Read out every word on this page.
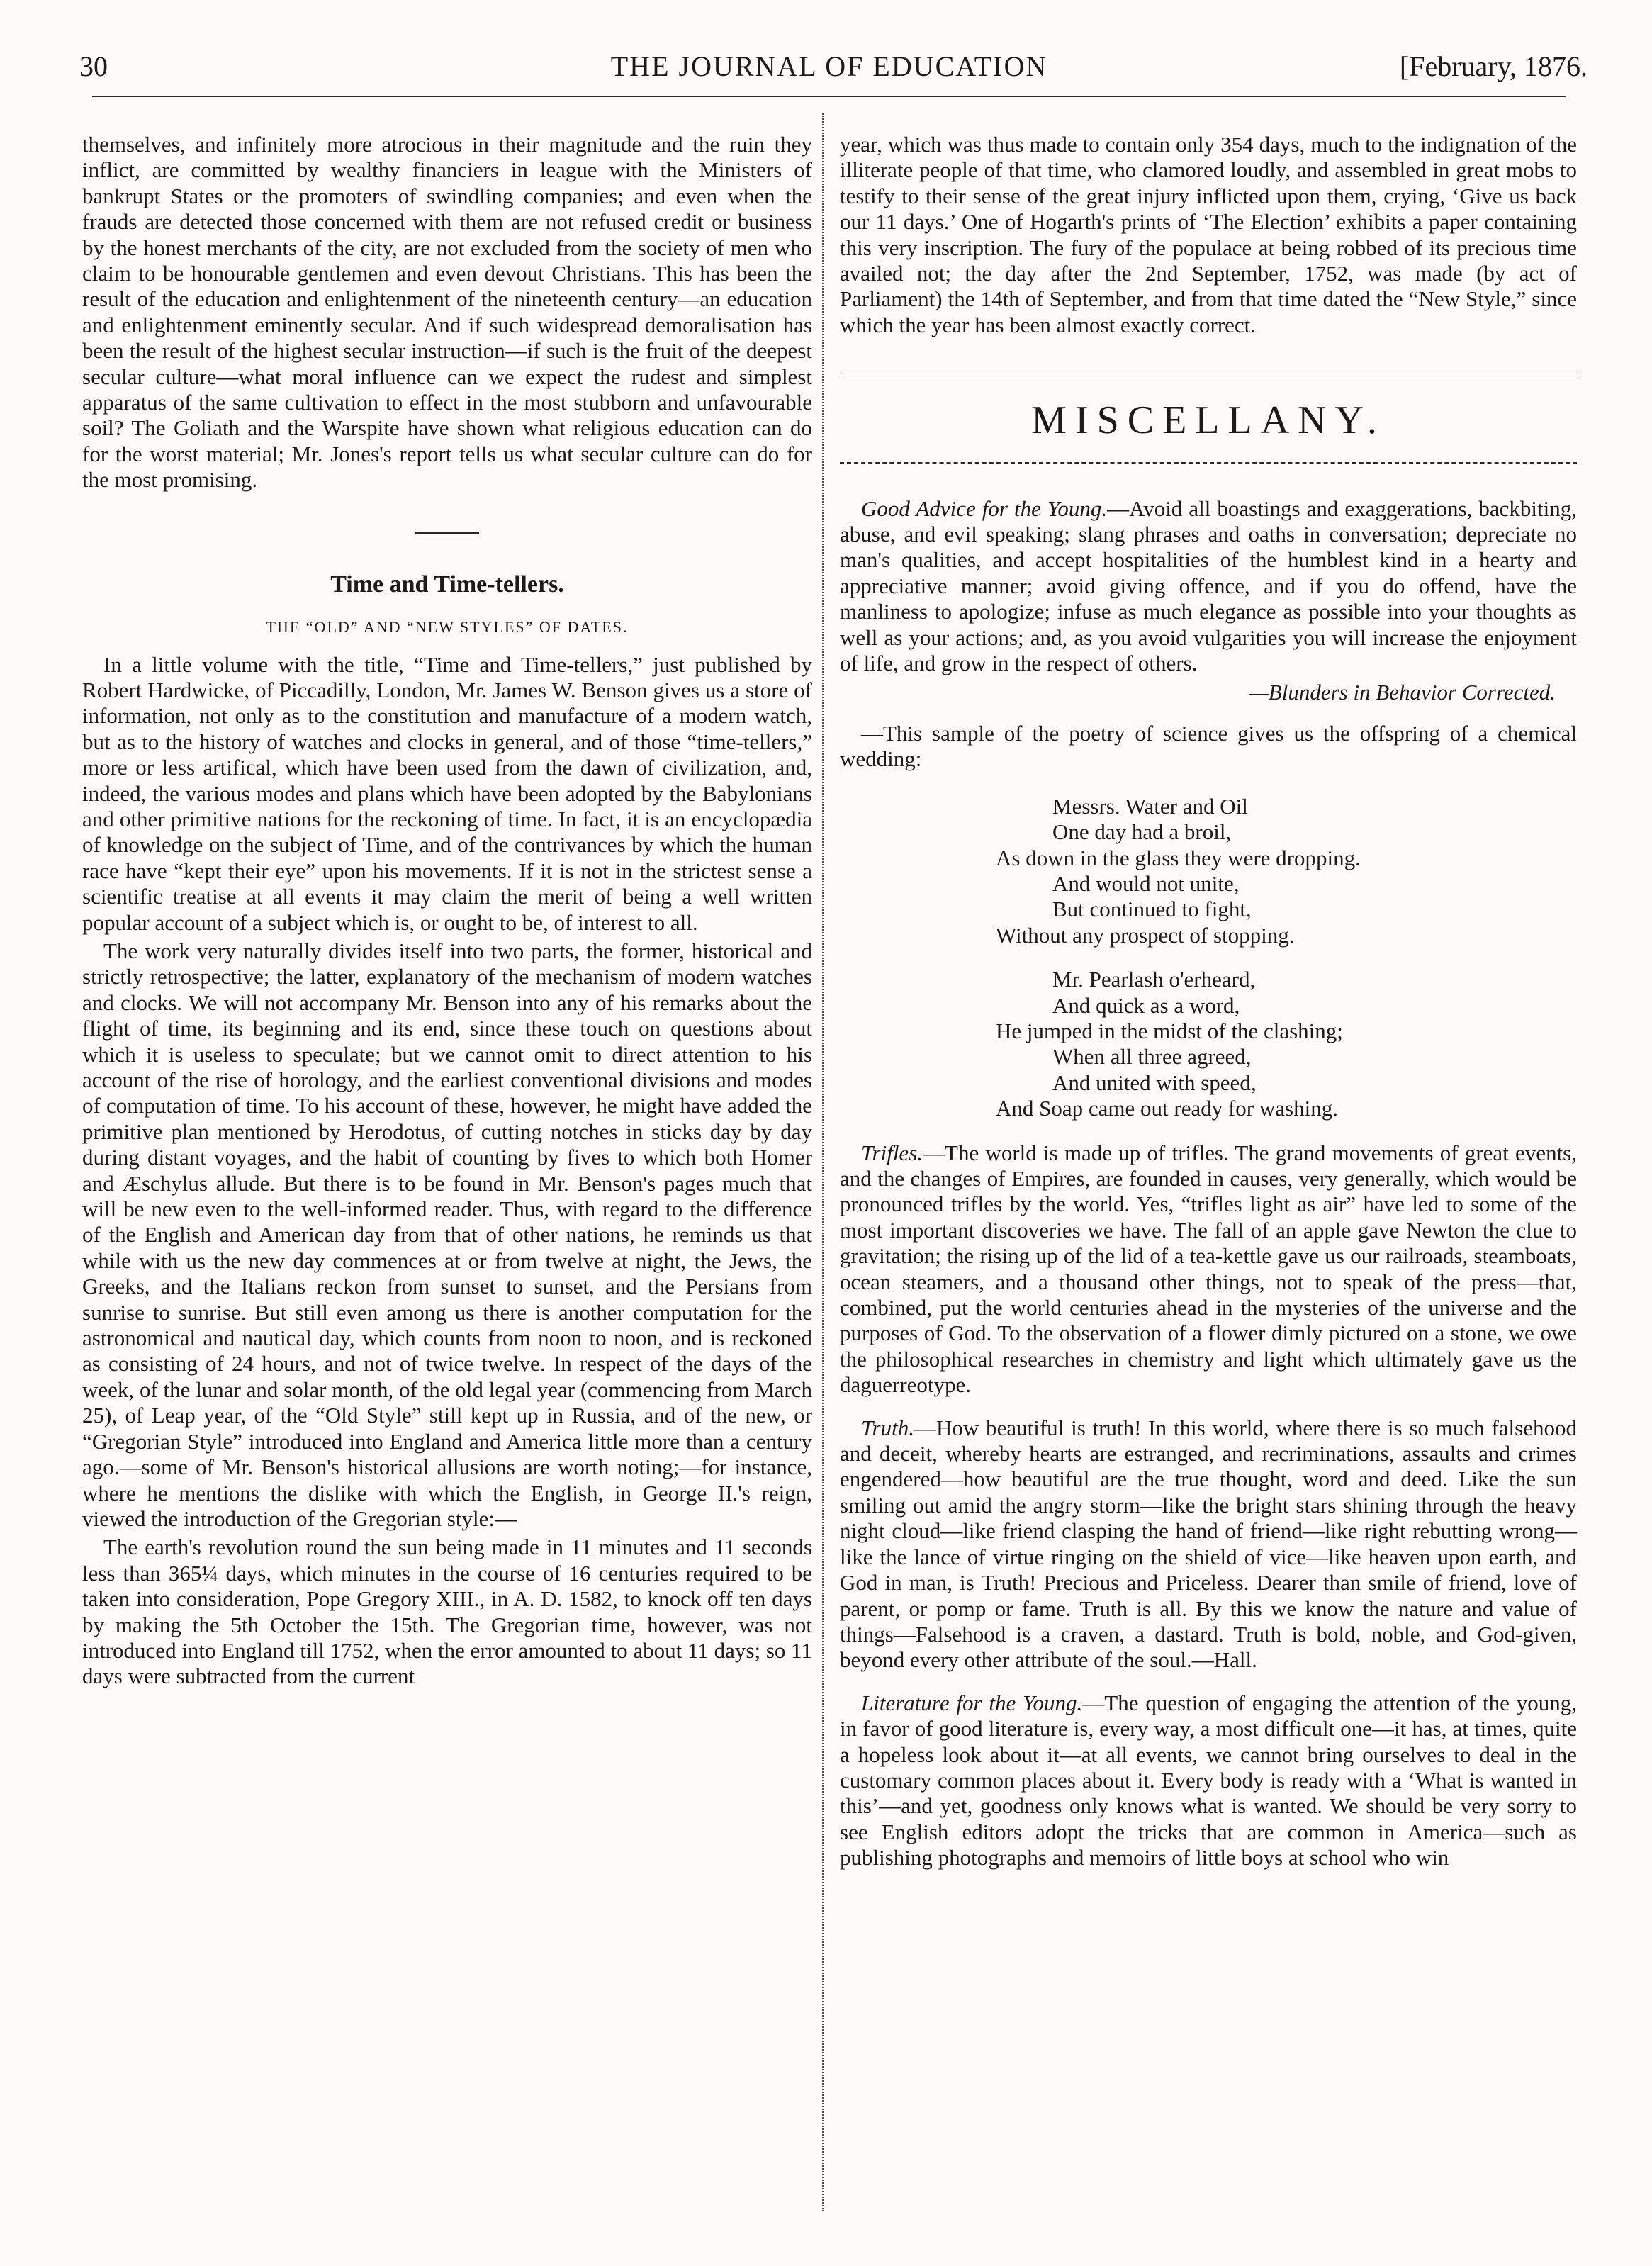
30	THE JOURNAL OF EDUCATION	[February, 1876.

themselves, and infinitely more atrocious in their magnitude and the ruin they inflict, are committed by wealthy financiers in league with the Ministers of bankrupt States or the promoters of swindling companies; and even when the frauds are detected those concerned with them are not refused credit or business by the honest merchants of the city, are not excluded from the society of men who claim to be honourable gentlemen and even devout Christians. This has been the result of the education and enlightenment of the nineteenth century—an education and enlightenment eminently secular. And if such widespread demoralisation has been the result of the highest secular instruction—if such is the fruit of the deepest secular culture—what moral influence can we expect the rudest and simplest apparatus of the same cultivation to effect in the most stubborn and unfavourable soil? The Goliath and the Warspite have shown what religious education can do for the worst material; Mr. Jones's report tells us what secular culture can do for the most promising.

Time and Time-tellers.
THE “OLD” AND “NEW STYLES” OF DATES.

In a little volume with the title, “Time and Time-tellers,” just published by Robert Hardwicke, of Piccadilly, London, Mr. James W. Benson gives us a store of information, not only as to the constitution and manufacture of a modern watch, but as to the history of watches and clocks in general, and of those “time-tellers,” more or less artifical, which have been used from the dawn of civilization, and, indeed, the various modes and plans which have been adopted by the Babylonians and other primitive nations for the reckoning of time. In fact, it is an encyclopædia of knowledge on the subject of Time, and of the contrivances by which the human race have “kept their eye” upon his movements. If it is not in the strictest sense a scientific treatise at all events it may claim the merit of being a well written popular account of a subject which is, or ought to be, of interest to all.

The work very naturally divides itself into two parts, the former, historical and strictly retrospective; the latter, explanatory of the mechanism of modern watches and clocks. We will not accompany Mr. Benson into any of his remarks about the flight of time, its beginning and its end, since these touch on questions about which it is useless to speculate; but we cannot omit to direct attention to his account of the rise of horology, and the earliest conventional divisions and modes of computation of time. To his account of these, however, he might have added the primitive plan mentioned by Herodotus, of cutting notches in sticks day by day during distant voyages, and the habit of counting by fives to which both Homer and Æschylus allude. But there is to be found in Mr. Benson's pages much that will be new even to the well-informed reader. Thus, with regard to the difference of the English and American day from that of other nations, he reminds us that while with us the new day commences at or from twelve at night, the Jews, the Greeks, and the Italians reckon from sunset to sunset, and the Persians from sunrise to sunrise. But still even among us there is another computation for the astronomical and nautical day, which counts from noon to noon, and is reckoned as consisting of 24 hours, and not of twice twelve. In respect of the days of the week, of the lunar and solar month, of the old legal year (commencing from March 25), of Leap year, of the “Old Style” still kept up in Russia, and of the new, or “Gregorian Style” introduced into England and America little more than a century ago.—some of Mr. Benson's historical allusions are worth noting;—for instance, where he mentions the dislike with which the English, in George II.'s reign, viewed the introduction of the Gregorian style:—

The earth's revolution round the sun being made in 11 minutes and 11 seconds less than 365¼ days, which minutes in the course of 16 centuries required to be taken into consideration, Pope Gregory XIII., in A. D. 1582, to knock off ten days by making the 5th October the 15th. The Gregorian time, however, was not introduced into England till 1752, when the error amounted to about 11 days; so 11 days were subtracted from the current

year, which was thus made to contain only 354 days, much to the indignation of the illiterate people of that time, who clamored loudly, and assembled in great mobs to testify to their sense of the great injury inflicted upon them, crying, ‘Give us back our 11 days.’ One of Hogarth's prints of ‘The Election’ exhibits a paper containing this very inscription. The fury of the populace at being robbed of its precious time availed not; the day after the 2nd September, 1752, was made (by act of Parliament) the 14th of September, and from that time dated the “New Style,” since which the year has been almost exactly correct.

MISCELLANY.

Good Advice for the Young.—Avoid all boastings and exaggerations, backbiting, abuse, and evil speaking; slang phrases and oaths in conversation; depreciate no man's qualities, and accept hospitalities of the humblest kind in a hearty and appreciative manner; avoid giving offence, and if you do offend, have the manliness to apologize; infuse as much elegance as possible into your thoughts as well as your actions; and, as you avoid vulgarities you will increase the enjoyment of life, and grow in the respect of others.

—Blunders in Behavior Corrected.

—This sample of the poetry of science gives us the offspring of a chemical wedding:

Messrs. Water and Oil
One day had a broil,
As down in the glass they were dropping.
And would not unite,
But continued to fight,
Without any prospect of stopping.
Mr. Pearlash o'erheard,
And quick as a word,
He jumped in the midst of the clashing;
When all three agreed,
And united with speed,
And Soap came out ready for washing.

Trifles.—The world is made up of trifles. The grand movements of great events, and the changes of Empires, are founded in causes, very generally, which would be pronounced trifles by the world. Yes, “trifles light as air” have led to some of the most important discoveries we have. The fall of an apple gave Newton the clue to gravitation; the rising up of the lid of a tea-kettle gave us our railroads, steamboats, ocean steamers, and a thousand other things, not to speak of the press—that, combined, put the world centuries ahead in the mysteries of the universe and the purposes of God. To the observation of a flower dimly pictured on a stone, we owe the philosophical researches in chemistry and light which ultimately gave us the daguerreotype.

Truth.—How beautiful is truth! In this world, where there is so much falsehood and deceit, whereby hearts are estranged, and recriminations, assaults and crimes engendered—how beautiful are the true thought, word and deed. Like the sun smiling out amid the angry storm—like the bright stars shining through the heavy night cloud—like friend clasping the hand of friend—like right rebutting wrong—like the lance of virtue ringing on the shield of vice—like heaven upon earth, and God in man, is Truth! Precious and Priceless. Dearer than smile of friend, love of parent, or pomp or fame. Truth is all. By this we know the nature and value of things—Falsehood is a craven, a dastard. Truth is bold, noble, and God-given, beyond every other attribute of the soul.—Hall.

Literature for the Young.—The question of engaging the attention of the young, in favor of good literature is, every way, a most difficult one—it has, at times, quite a hopeless look about it—at all events, we cannot bring ourselves to deal in the customary common places about it. Every body is ready with a ‘What is wanted in this’—and yet, goodness only knows what is wanted. We should be very sorry to see English editors adopt the tricks that are common in America—such as publishing photographs and memoirs of little boys at school who win
